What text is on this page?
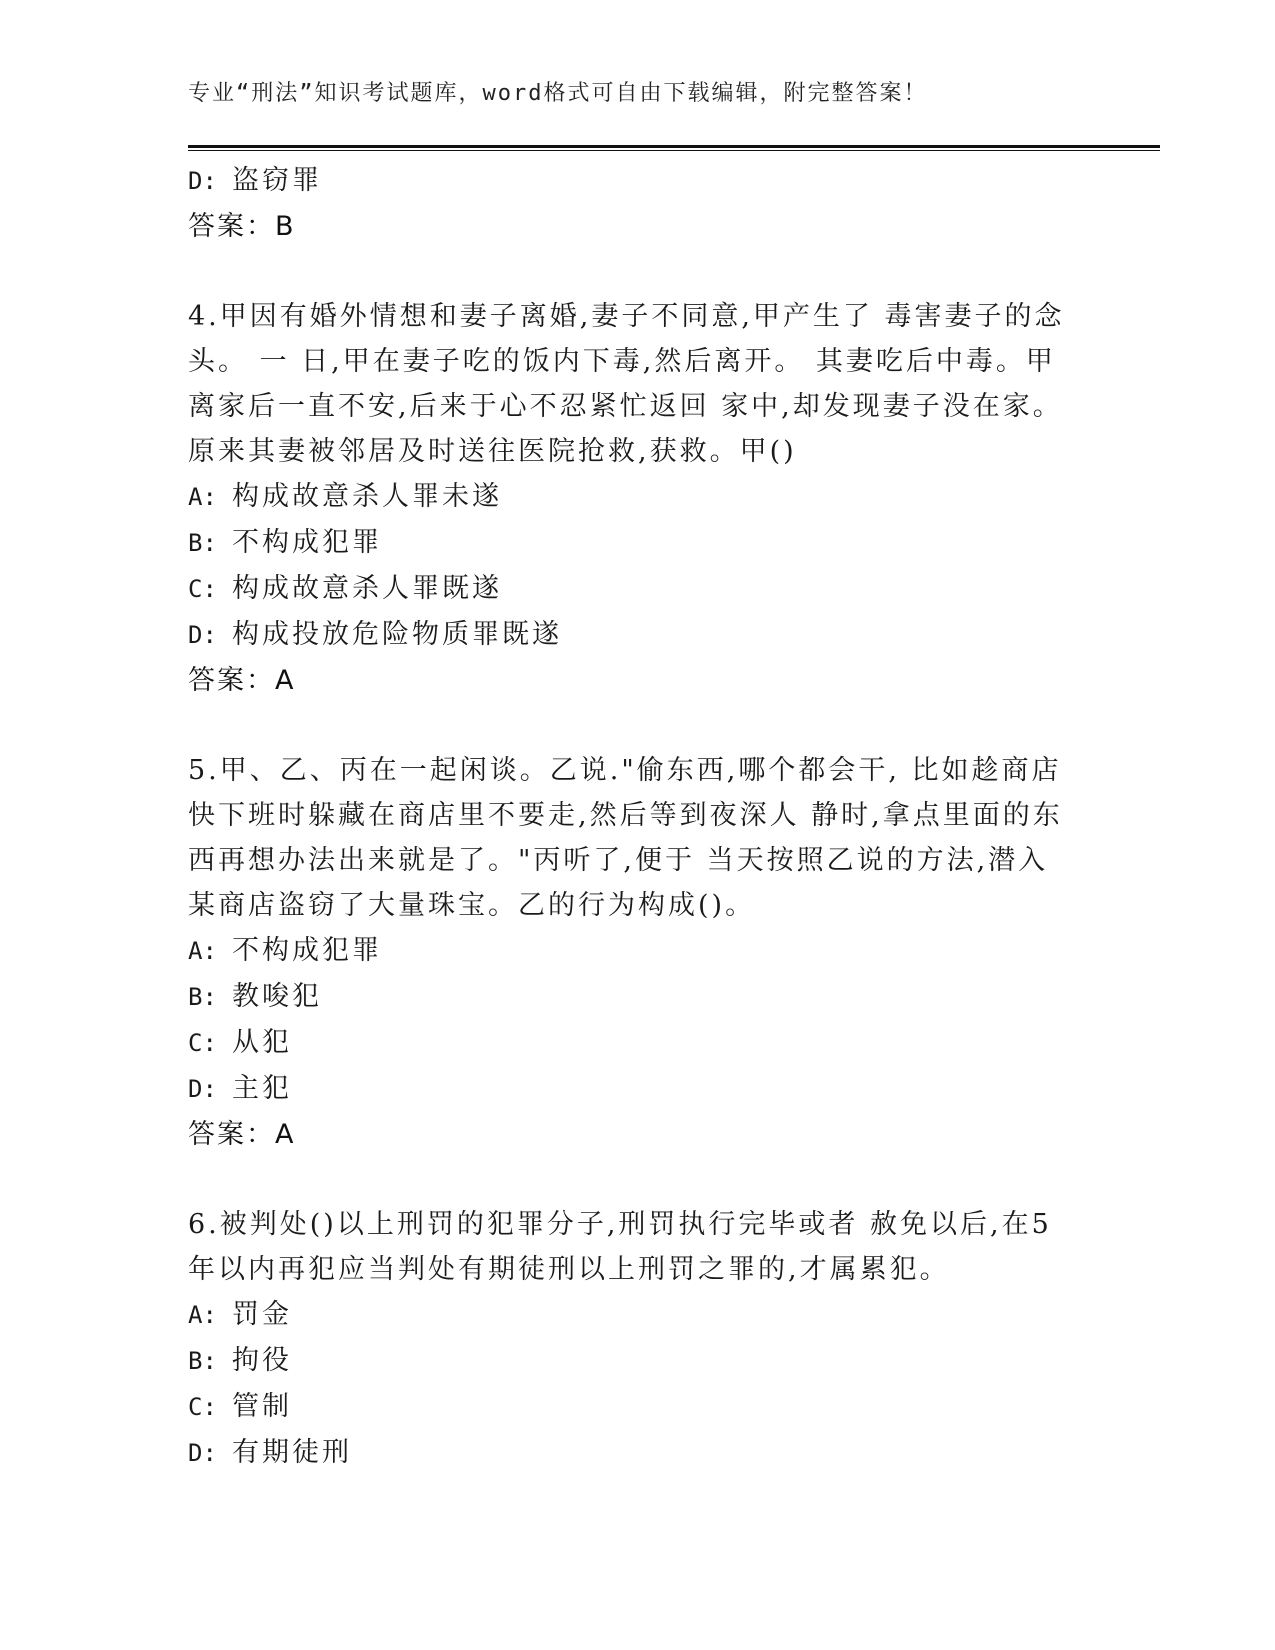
专业“刑法”知识考试题库，word格式可自由下载编辑，附完整答案！

D: 盗窃罪

答案：B

4.甲因有婚外情想和妻子离婚,妻子不同意,甲产生了 毒害妻子的念头。 一 日,甲在妻子吃的饭内下毒,然后离开。 其妻吃后中毒。甲离家后一直不安,后来于心不忍紧忙返回 家中,却发现妻子没在家。原来其妻被邻居及时送往医院抢救,获救。甲()

A: 构成故意杀人罪未遂

B: 不构成犯罪

C: 构成故意杀人罪既遂

D: 构成投放危险物质罪既遂

答案：A

5.甲、乙、丙在一起闲谈。乙说."偷东西,哪个都会干, 比如趁商店快下班时躲藏在商店里不要走,然后等到夜深人 静时,拿点里面的东西再想办法出来就是了。"丙听了,便于 当天按照乙说的方法,潜入某商店盗窃了大量珠宝。乙的行为构成()。

A: 不构成犯罪

B: 教唆犯

C: 从犯

D: 主犯

答案：A

6.被判处()以上刑罚的犯罪分子,刑罚执行完毕或者 赦免以后,在5年以内再犯应当判处有期徒刑以上刑罚之罪的,才属累犯。

A: 罚金

B: 拘役

C: 管制

D: 有期徒刑
